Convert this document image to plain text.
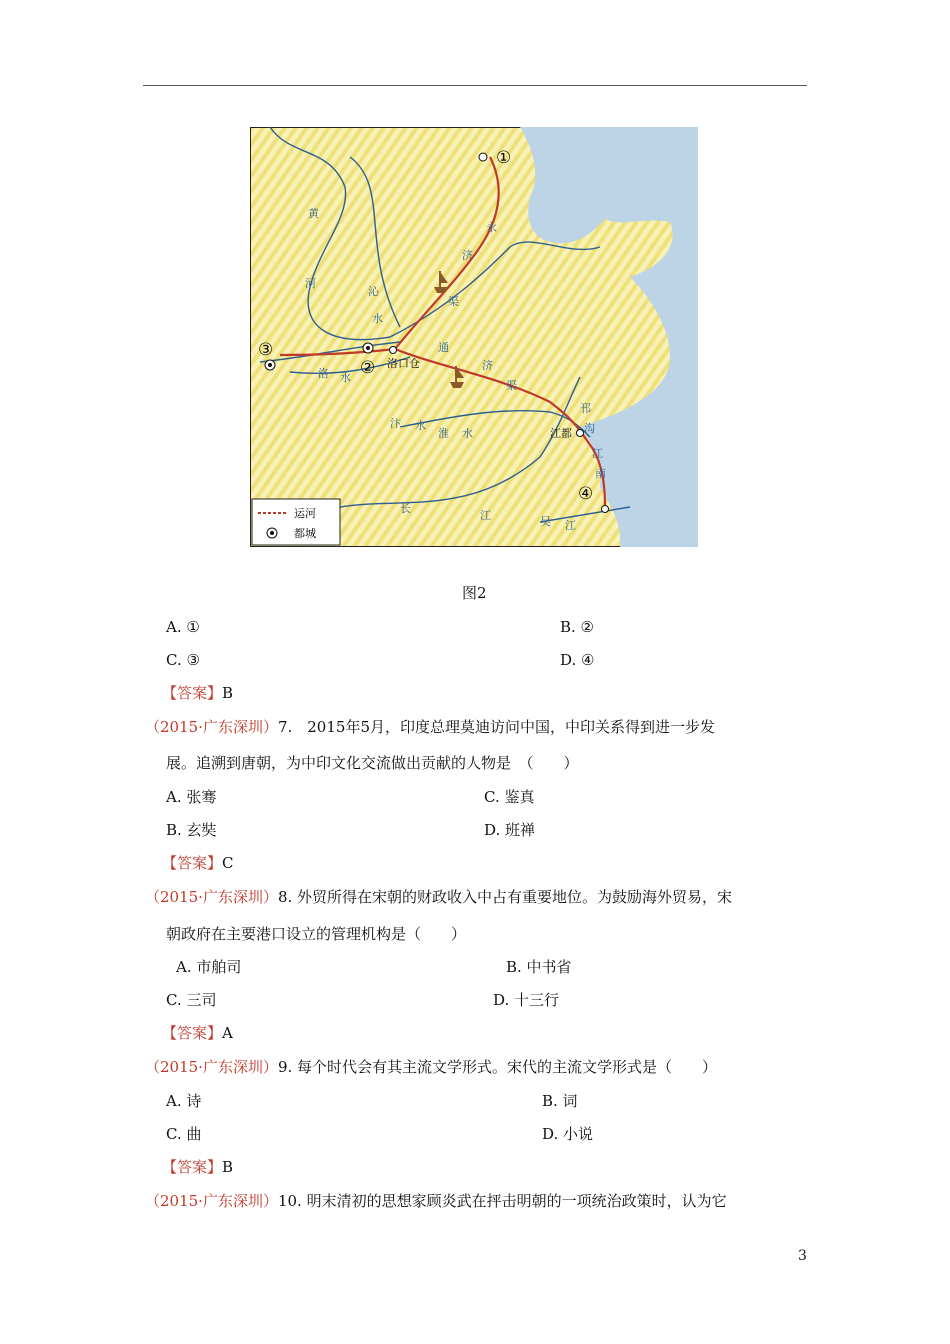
黄
河
永
济
渠
沁
水
通
济
渠
洛 水
汴 水
淮 水
邗
沟
江
南
长
江	吴 江
①
② 洛口仓
③
江都
④
运河
都城
图2
A. ①	B. ②
C. ③	D. ④
【答案】B
（2015·广东深圳）7.　2015年5月，印度总理莫迪访问中国，中印关系得到进一步发
展。追溯到唐朝，为中印文化交流做出贡献的人物是　（　　）
A. 张骞	C. 鉴真
B. 玄奘	D. 班禅
【答案】C
（2015·广东深圳）8. 外贸所得在宋朝的财政收入中占有重要地位。为鼓励海外贸易，宋
朝政府在主要港口设立的管理机构是（　　）
A. 市舶司	B. 中书省
C. 三司	D. 十三行
【答案】A
（2015·广东深圳）9. 每个时代会有其主流文学形式。宋代的主流文学形式是（　　）
A. 诗	B. 词
C. 曲	D. 小说
【答案】B
（2015·广东深圳）10. 明末清初的思想家顾炎武在抨击明朝的一项统治政策时，认为它
3
